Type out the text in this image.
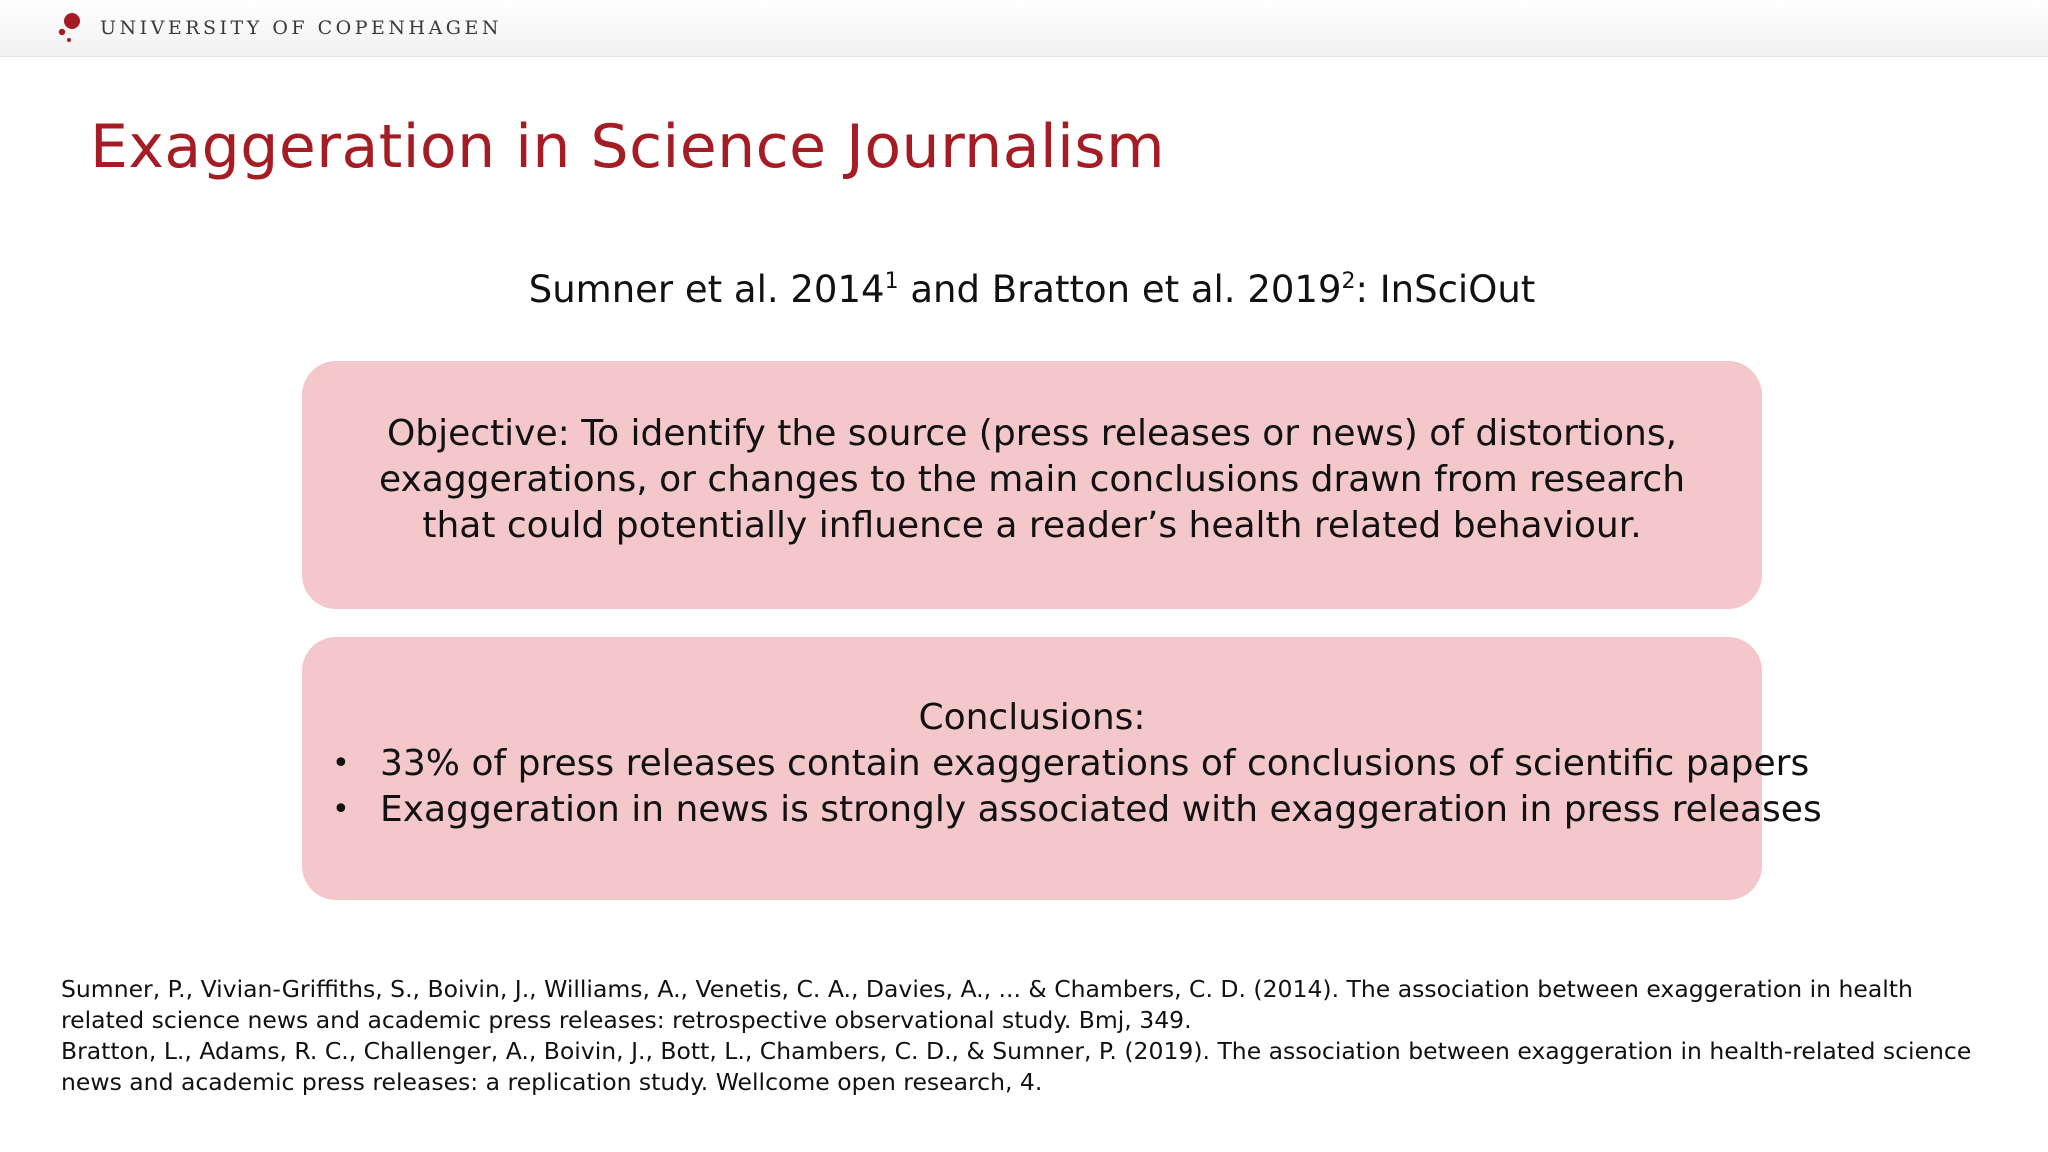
UNIVERSITY OF COPENHAGEN
Exaggeration in Science Journalism
Sumner et al. 2014$^1$ and Bratton et al. 2019$^2$: InSciOut
Objective: To identify the source (press releases or news) of distortions, exaggerations, or changes to the main conclusions drawn from research that could potentially influence a reader’s health related behaviour.
Conclusions:
• 33% of press releases contain exaggerations of conclusions of scientific papers
• Exaggeration in news is strongly associated with exaggeration in press releases

Sumner, P., Vivian-Griffiths, S., Boivin, J., Williams, A., Venetis, C. A., Davies, A., ... & Chambers, C. D. (2014). The association between exaggeration in health related science news and academic press releases: retrospective observational study. Bmj, 349.

Bratton, L., Adams, R. C., Challenger, A., Boivin, J., Bott, L., Chambers, C. D., & Sumner, P. (2019). The association between exaggeration in health-related science news and academic press releases: a replication study. Wellcome open research, 4.
